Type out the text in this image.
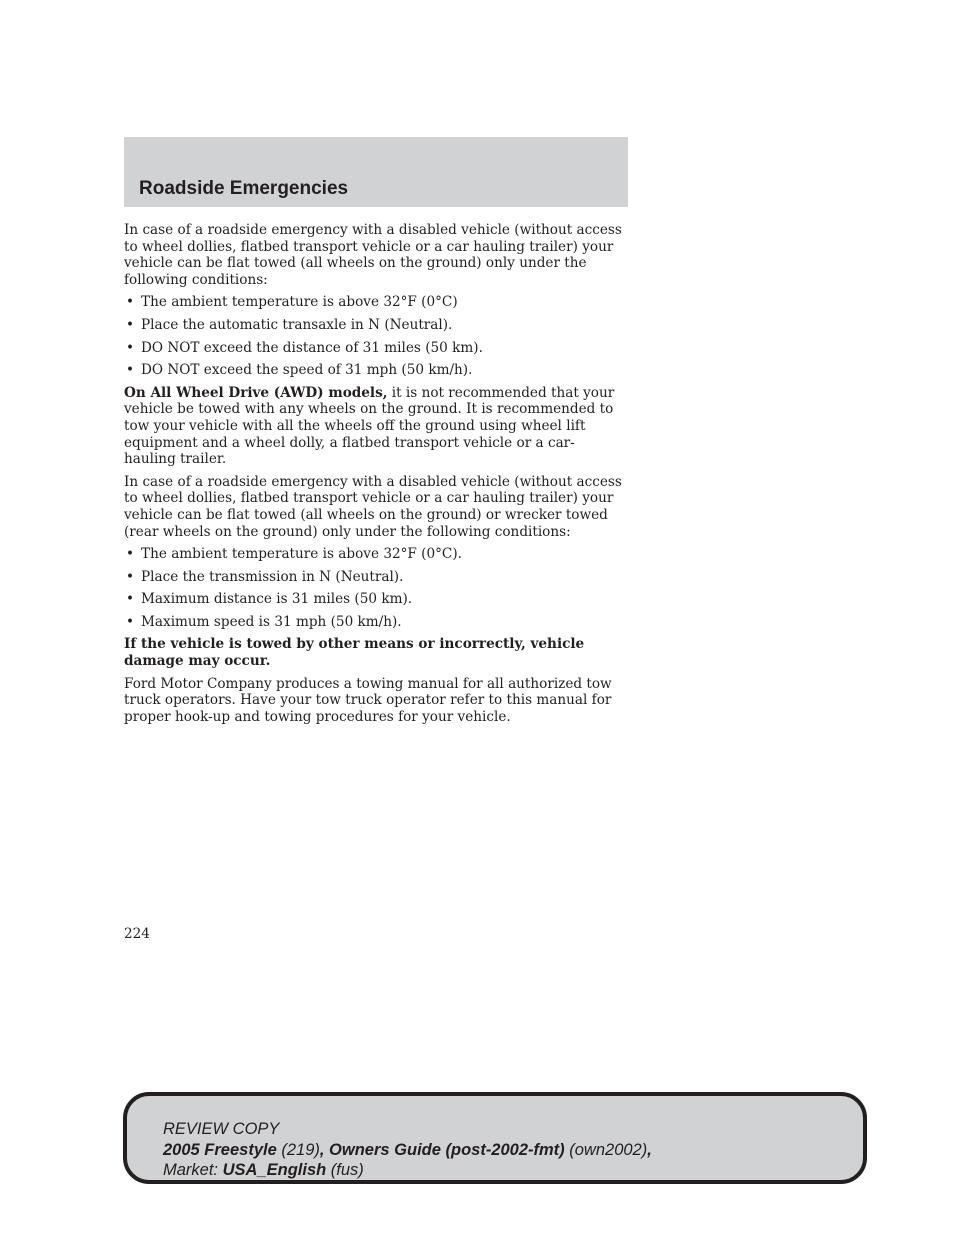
Roadside Emergencies

In case of a roadside emergency with a disabled vehicle (without access to wheel dollies, flatbed transport vehicle or a car hauling trailer) your vehicle can be flat towed (all wheels on the ground) only under the following conditions:

• The ambient temperature is above 32°F (0°C)
• Place the automatic transaxle in N (Neutral).
• DO NOT exceed the distance of 31 miles (50 km).
• DO NOT exceed the speed of 31 mph (50 km/h).

On All Wheel Drive (AWD) models, it is not recommended that your vehicle be towed with any wheels on the ground. It is recommended to tow your vehicle with all the wheels off the ground using wheel lift equipment and a wheel dolly, a flatbed transport vehicle or a car-hauling trailer.

In case of a roadside emergency with a disabled vehicle (without access to wheel dollies, flatbed transport vehicle or a car hauling trailer) your vehicle can be flat towed (all wheels on the ground) or wrecker towed (rear wheels on the ground) only under the following conditions:

• The ambient temperature is above 32°F (0°C).
• Place the transmission in N (Neutral).
• Maximum distance is 31 miles (50 km).
• Maximum speed is 31 mph (50 km/h).

If the vehicle is towed by other means or incorrectly, vehicle damage may occur.

Ford Motor Company produces a towing manual for all authorized tow truck operators. Have your tow truck operator refer to this manual for proper hook-up and towing procedures for your vehicle.

224
REVIEW COPY
2005 Freestyle (219), Owners Guide (post-2002-fmt) (own2002),
Market: USA_English (fus)
